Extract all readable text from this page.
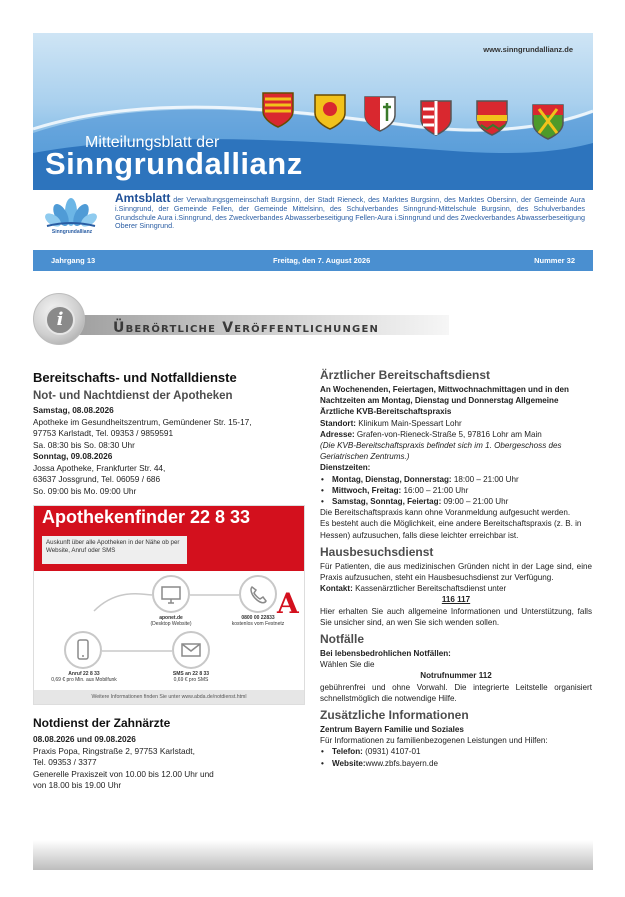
www.sinngrundallianz.de
Mitteilungsblatt der
Sinngrundallianz
Sinngrundallianz
Amtsblatt der Verwaltungsgemeinschaft Burgsinn, der Stadt Rieneck, des Marktes Burgsinn, des Marktes Obersinn, der Gemeinde Aura i.Sinngrund, der Gemeinde Fellen, der Gemeinde Mittelsinn, des Schulverbandes Sinngrund-Mittelschule Burgsinn, des Schulverbandes Grundschule Aura i.Sinngrund, des Zweckverbandes Abwasserbeseitigung Fellen-Aura i.Sinngrund und des Zweckverbandes Abwasserbeseitigung Oberer Sinngrund.
Jahrgang 13	Freitag, den 7. August 2026	Nummer 32
i	Überörtliche Veröffentlichungen
Bereitschafts- und Notfalldienste
Not- und Nachtdienst der Apotheken
Samstag, 08.08.2026
Apotheke im Gesundheitszentrum, Gemündener Str. 15-17,
97753 Karlstadt, Tel. 09353 / 9859591
Sa. 08:30 bis So. 08:30 Uhr
Sonntag, 09.08.2026
Jossa Apotheke, Frankfurter Str. 44,
63637 Jossgrund, Tel. 06059 / 686
So. 09:00 bis Mo. 09:00 Uhr
Apothekenfinder 22 8 33
Auskunft über alle Apotheken in der Nähe ob per Website, Anruf oder SMS
aponet.de
(Desktop Website)
0800 00 22833
kostenlos vom Festnetz
Anruf 22 8 33
0,69 € pro Min. aus Mobilfunk
SMS an 22 8 33
0,69 € pro SMS
A
Weitere Informationen finden Sie unter www.abda.de/notdienst.html
Notdienst der Zahnärzte
08.08.2026 und 09.08.2026
Praxis Popa, Ringstraße 2, 97753 Karlstadt,
Tel. 09353 / 3377
Generelle Praxiszeit von 10.00 bis 12.00 Uhr und
von 18.00 bis 19.00 Uhr
Ärztlicher Bereitschaftsdienst
An Wochenenden, Feiertagen, Mittwochnachmittagen und in den Nachtzeiten am Montag, Dienstag und Donnerstag Allgemeine Ärztliche KVB-Bereitschaftspraxis
Standort: Klinikum Main-Spessart Lohr
Adresse: Grafen-von-Rieneck-Straße 5, 97816 Lohr am Main
(Die KVB-Bereitschaftspraxis befindet sich im 1. Obergeschoss des Geriatrischen Zentrums.)
Dienstzeiten:
• Montag, Dienstag, Donnerstag: 18:00 – 21:00 Uhr
• Mittwoch, Freitag: 16:00 – 21:00 Uhr
• Samstag, Sonntag, Feiertag: 09:00 – 21:00 Uhr
Die Bereitschaftspraxis kann ohne Voranmeldung aufgesucht werden.
Es besteht auch die Möglichkeit, eine andere Bereitschaftspraxis (z. B. in Hessen) aufzusuchen, falls diese leichter erreichbar ist.
Hausbesuchsdienst
Für Patienten, die aus medizinischen Gründen nicht in der Lage sind, eine Praxis aufzusuchen, steht ein Hausbesuchsdienst zur Verfügung.
Kontakt: Kassenärztlicher Bereitschaftsdienst unter
116 117
Hier erhalten Sie auch allgemeine Informationen und Unterstützung, falls Sie unsicher sind, an wen Sie sich wenden sollen.
Notfälle
Bei lebensbedrohlichen Notfällen:
Wählen Sie die
Notrufnummer 112
gebührenfrei und ohne Vorwahl. Die integrierte Leitstelle organisiert schnellstmöglich die notwendige Hilfe.
Zusätzliche Informationen
Zentrum Bayern Familie und Soziales
Für Informationen zu familienbezogenen Leistungen und Hilfen:
• Telefon: (0931) 4107-01
• Website:www.zbfs.bayern.de
